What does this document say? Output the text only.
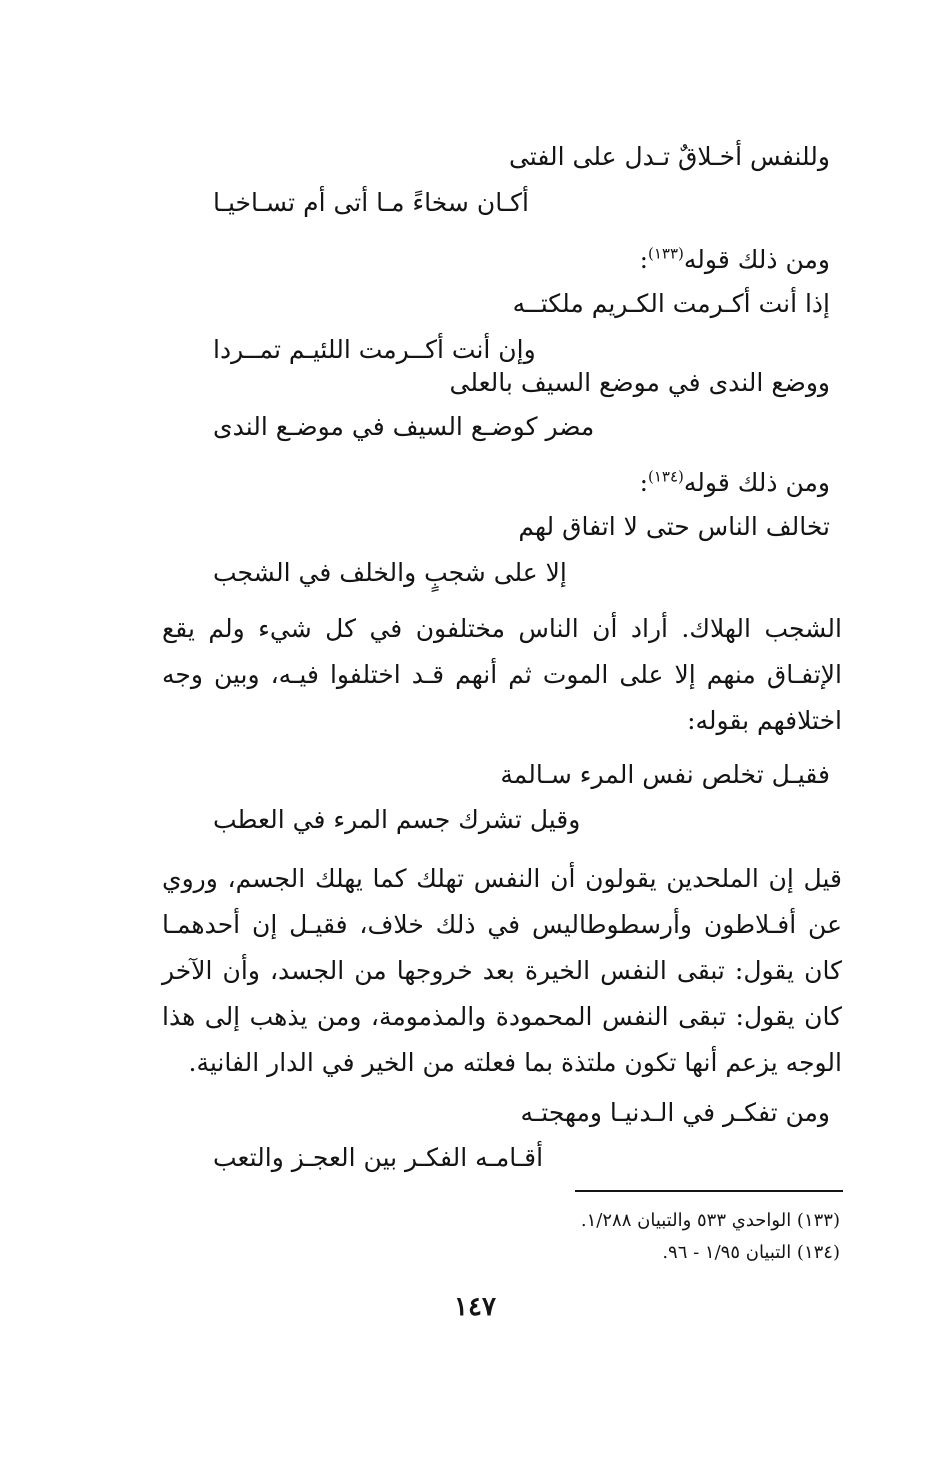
وللنفس أخـلاقٌ تـدل على الفتى
أكـان سخاءً مـا أتى أم تسـاخيـا
ومن ذلك قوله$^{(١٣٣)}$:
إذا أنت أكـرمت الكـريم ملكتــه
وإن أنت أكــرمت اللئيـم تمــردا
ووضع الندى في موضع السيف بالعلى
مضر كوضـع السيف في موضـع الندى
ومن ذلك قوله$^{(١٣٤)}$:
تخالف الناس حتى لا اتفاق لهم
إلا على شجبٍ والخلف في الشجب
الشجب الهلاك. أراد أن الناس مختلفون في كل شيء ولم يقع الإتفـاق منهم إلا على الموت ثم أنهم قـد اختلفوا فيـه، وبين وجه اختلافهم بقوله:
فقيـل تخلص نفس المرء سـالمة
وقيل تشرك جسم المرء في العطب
قيل إن الملحدين يقولون أن النفس تهلك كما يهلك الجسم، وروي عن أفـلاطون وأرسطوطاليس في ذلك خلاف، فقيـل إن أحدهمـا كان يقول: تبقى النفس الخيرة بعد خروجها من الجسد، وأن الآخر كان يقول: تبقى النفس المحمودة والمذمومة، ومن يذهب إلى هذا الوجه يزعم أنها تكون ملتذة بما فعلته من الخير في الدار الفانية.
ومن تفكـر في الـدنيـا ومهجتـه
أقـامـه الفكـر بين العجـز والتعب
(١٣٣) الواحدي ٥٣٣ والتبيان ١/٢٨٨.
(١٣٤) التبيان ١/٩٥ - ٩٦.
١٤٧
